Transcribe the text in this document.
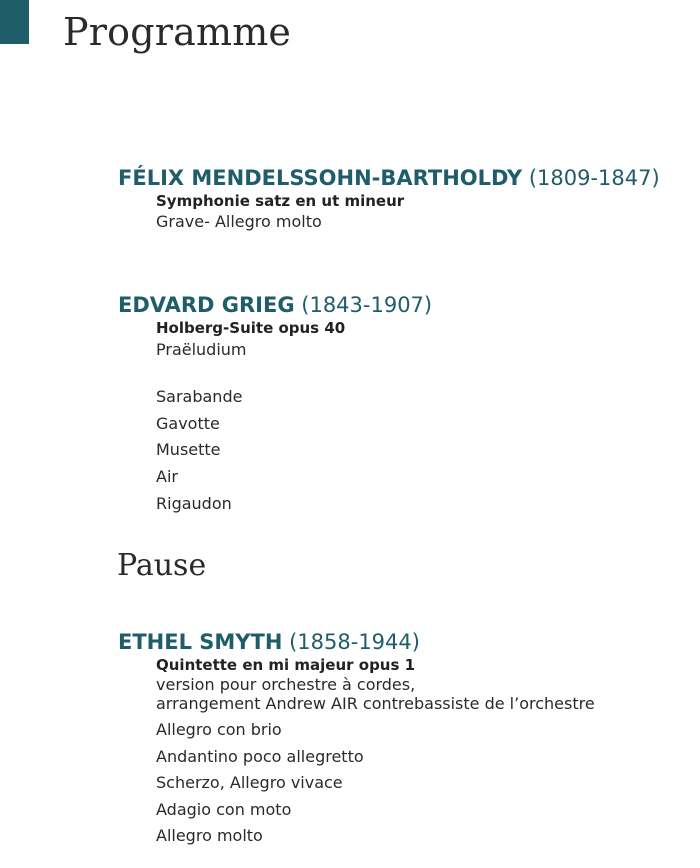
Programme
FÉLIX MENDELSSOHN-BARTHOLDY (1809-1847)
Symphonie satz en ut mineur
Grave- Allegro molto
EDVARD GRIEG (1843-1907)
Holberg-Suite opus 40
Praëludium
Sarabande
Gavotte
Musette
Air
Rigaudon
Pause
ETHEL SMYTH (1858-1944)
Quintette en mi majeur opus 1
version pour orchestre à cordes,
arrangement Andrew AIR contrebassiste de l’orchestre
Allegro con brio
Andantino poco allegretto
Scherzo, Allegro vivace
Adagio con moto
Allegro molto
